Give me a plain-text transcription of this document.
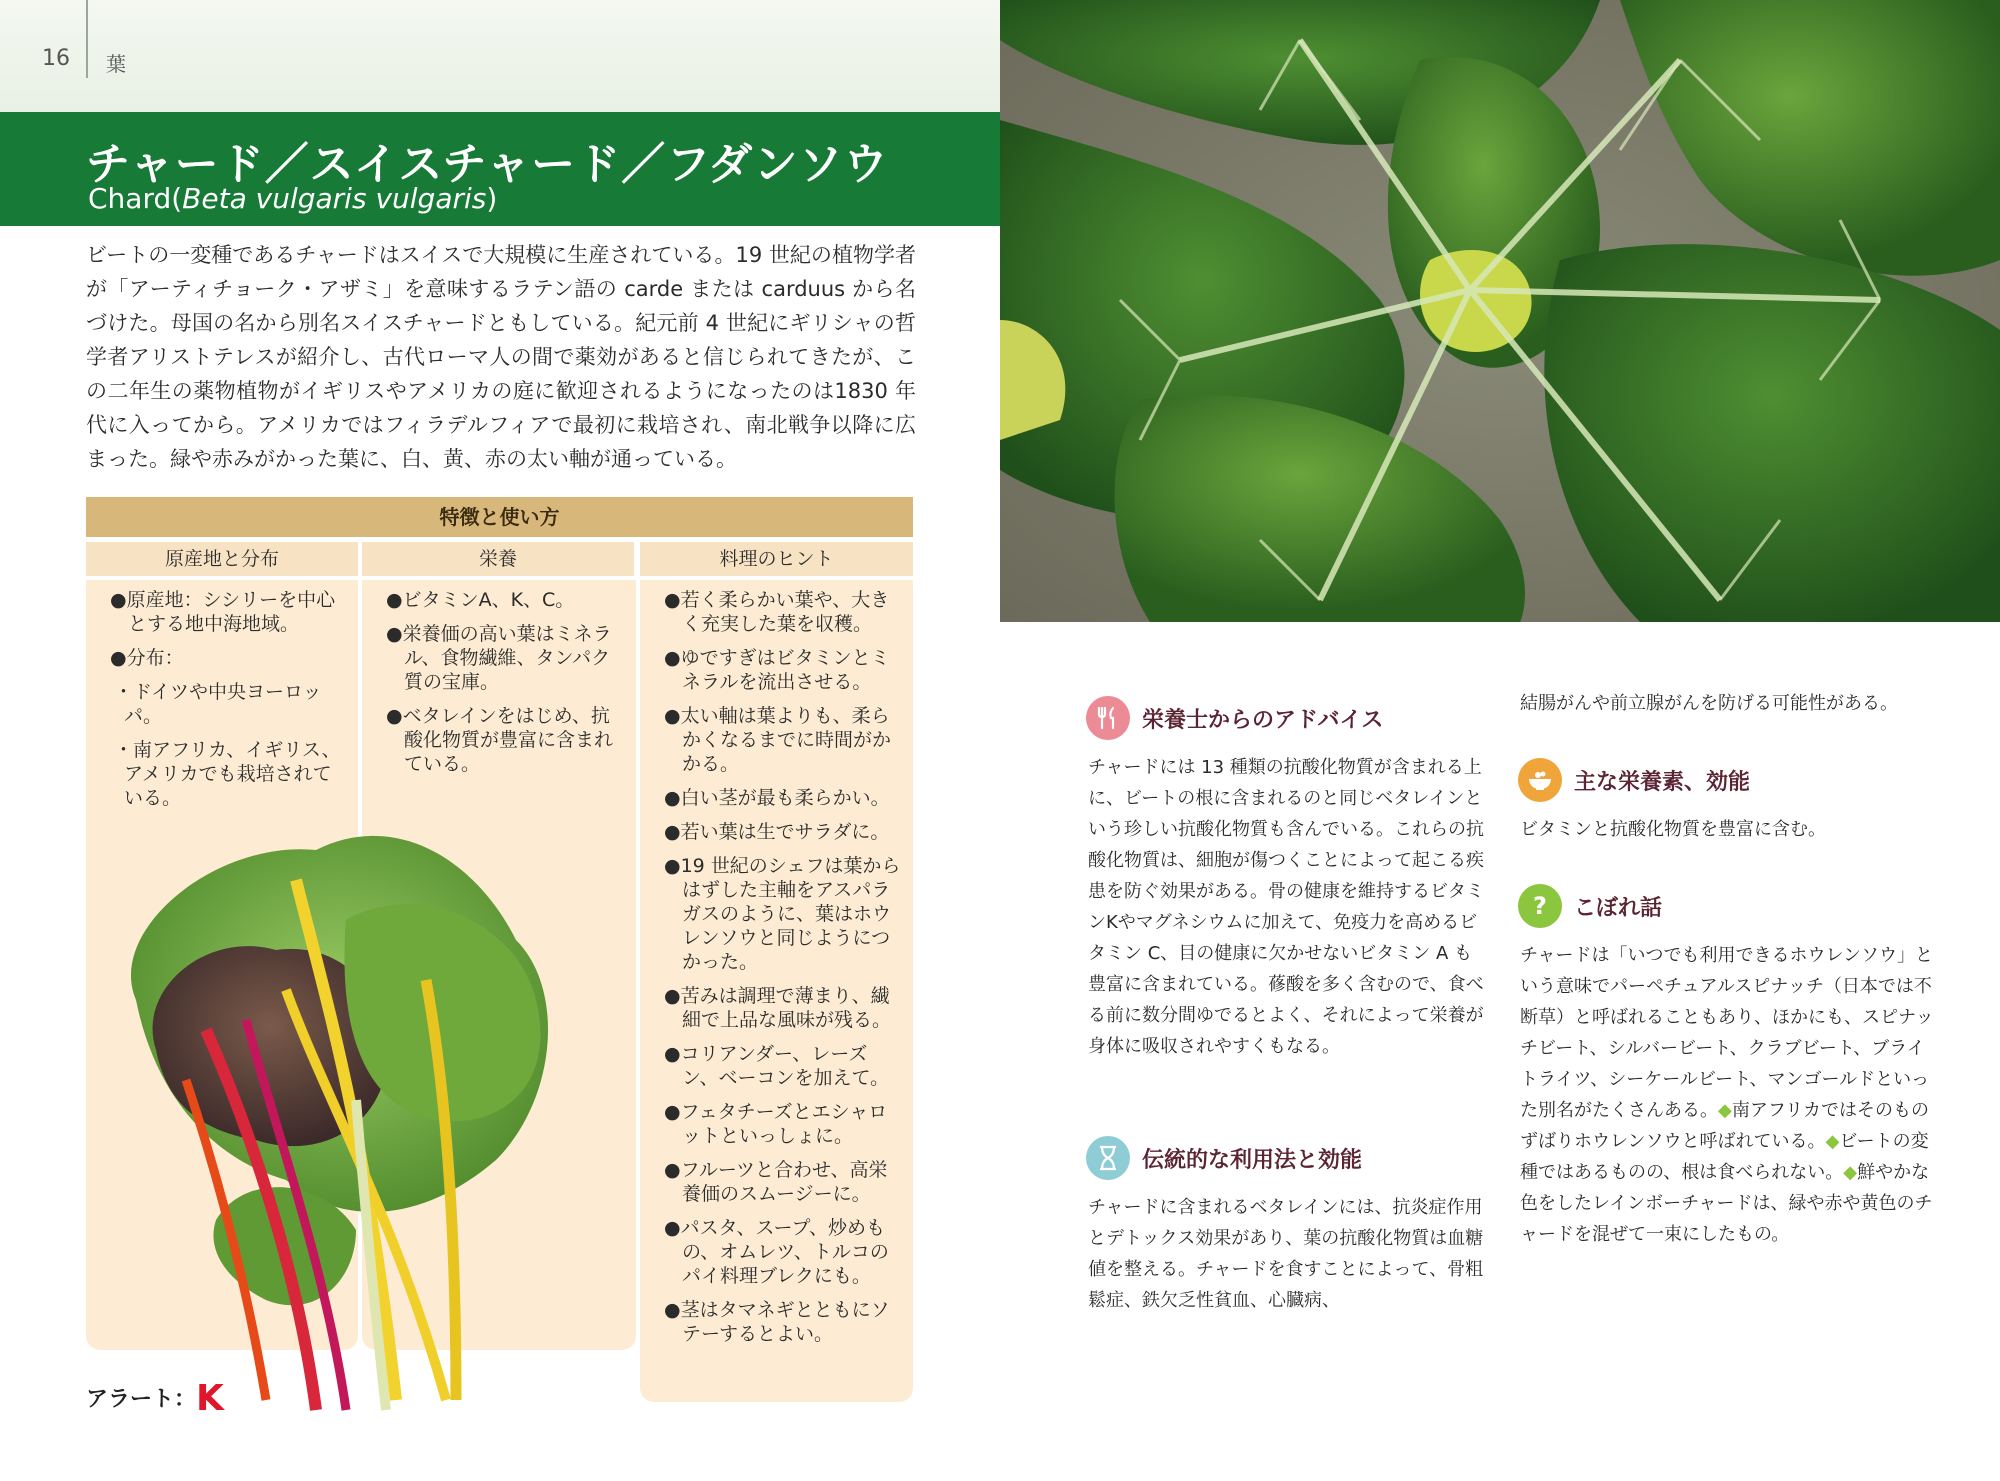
16 葉
チャード／スイスチャード／フダンソウ
Chard(Beta vulgaris vulgaris)
ビートの一変種であるチャードはスイスで大規模に生産されている。19 世紀の植物学者が「アーティチョーク・アザミ」を意味するラテン語の carde または carduus から名づけた。母国の名から別名スイスチャードともしている。紀元前 4 世紀にギリシャの哲学者アリストテレスが紹介し、古代ローマ人の間で薬効があると信じられてきたが、この二年生の薬物植物がイギリスやアメリカの庭に歓迎されるようになったのは1830 年代に入ってから。アメリカではフィラデルフィアで最初に栽培され、南北戦争以降に広まった。緑や赤みがかった葉に、白、黄、赤の太い軸が通っている。
特徴と使い方
原産地と分布	栄養	料理のヒント
●原産地：シシリーを中心とする地中海地域。
●分布：
・ドイツや中央ヨーロッパ。
・南アフリカ、イギリス、アメリカでも栽培されている。
●ビタミンA、K、C。
●栄養価の高い葉はミネラル、食物繊維、タンパク質の宝庫。
●ベタレインをはじめ、抗酸化物質が豊富に含まれている。
●若く柔らかい葉や、大きく充実した葉を収穫。
●ゆですぎはビタミンとミネラルを流出させる。
●太い軸は葉よりも、柔らかくなるまでに時間がかかる。
●白い茎が最も柔らかい。
●若い葉は生でサラダに。
●19 世紀のシェフは葉からはずした主軸をアスパラガスのように、葉はホウレンソウと同じようにつかった。
●苦みは調理で薄まり、繊細で上品な風味が残る。
●コリアンダー、レーズン、ベーコンを加えて。
●フェタチーズとエシャロットといっしょに。
●フルーツと合わせ、高栄養価のスムージーに。
●パスタ、スープ、炒めもの、オムレツ、トルコのパイ料理ブレクにも。
●茎はタマネギとともにソテーするとよい。
アラート：K
栄養士からのアドバイス
チャードには 13 種類の抗酸化物質が含まれる上に、ビートの根に含まれるのと同じベタレインという珍しい抗酸化物質も含んでいる。これらの抗酸化物質は、細胞が傷つくことによって起こる疾患を防ぐ効果がある。骨の健康を維持するビタミンKやマグネシウムに加えて、免疫力を高めるビタミン C、目の健康に欠かせないビタミン A も豊富に含まれている。蓚酸を多く含むので、食べる前に数分間ゆでるとよく、それによって栄養が身体に吸収されやすくもなる。
伝統的な利用法と効能
チャードに含まれるベタレインには、抗炎症作用とデトックス効果があり、葉の抗酸化物質は血糖値を整える。チャードを食すことによって、骨粗鬆症、鉄欠乏性貧血、心臓病、
結腸がんや前立腺がんを防げる可能性がある。
主な栄養素、効能
ビタミンと抗酸化物質を豊富に含む。
?	こぼれ話
チャードは「いつでも利用できるホウレンソウ」という意味でパーペチュアルスピナッチ（日本では不断草）と呼ばれることもあり、ほかにも、スピナッチビート、シルバービート、クラブビート、ブライトライツ、シーケールビート、マンゴールドといった別名がたくさんある。◆南アフリカではそのものずばりホウレンソウと呼ばれている。◆ビートの変種ではあるものの、根は食べられない。◆鮮やかな色をしたレインボーチャードは、緑や赤や黄色のチャードを混ぜて一束にしたもの。
